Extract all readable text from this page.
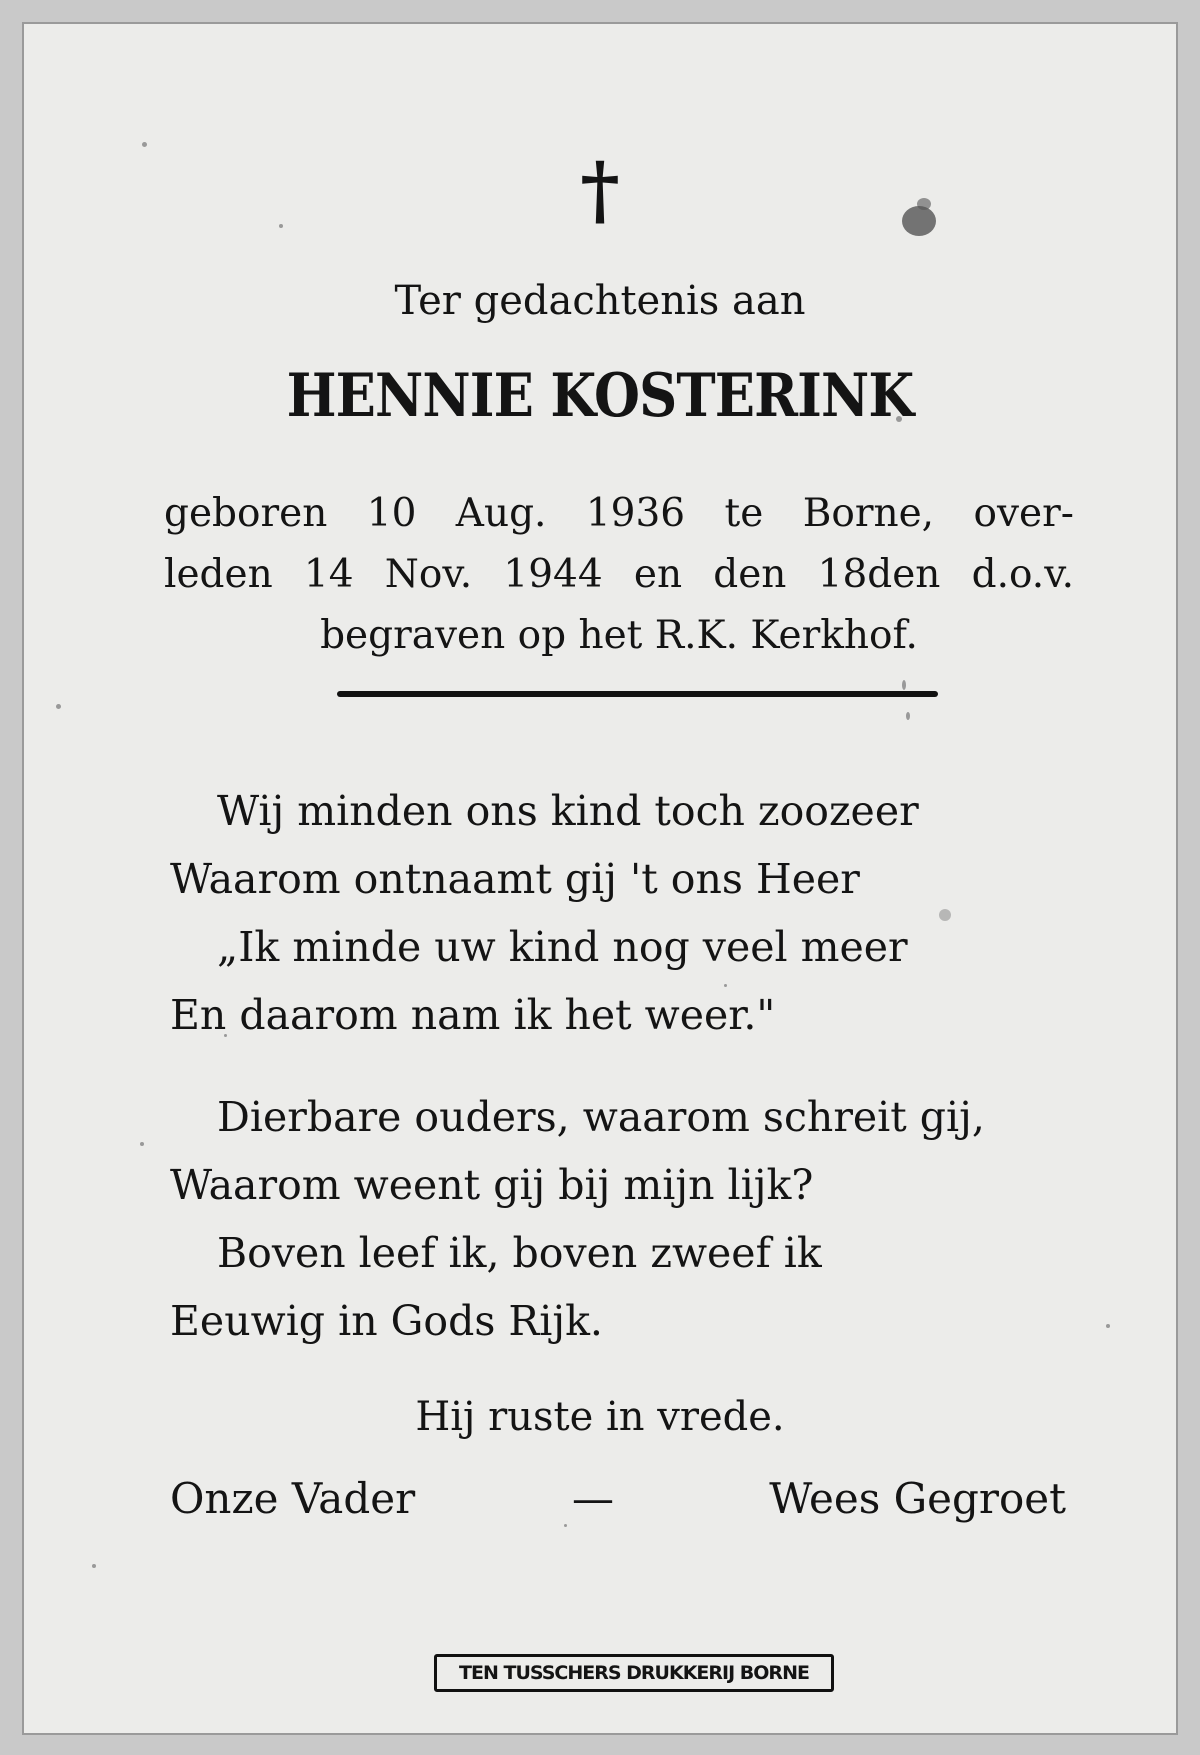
†
Ter gedachtenis aan
HENNIE KOSTERINK
geboren 10 Aug. 1936 te Borne, over-
leden 14 Nov. 1944 en den 18den d.o.v.
begraven op het R.K. Kerkhof.
Wij minden ons kind toch zoozeer
Waarom ontnaamt gij 't ons Heer
„Ik minde uw kind nog veel meer
En daarom nam ik het weer."
Dierbare ouders, waarom schreit gij,
Waarom weent gij bij mijn lijk?
Boven leef ik, boven zweef ik
Eeuwig in Gods Rijk.
Hij ruste in vrede.
Onze Vader	—	Wees Gegroet
TEN TUSSCHERS DRUKKERIJ BORNE
